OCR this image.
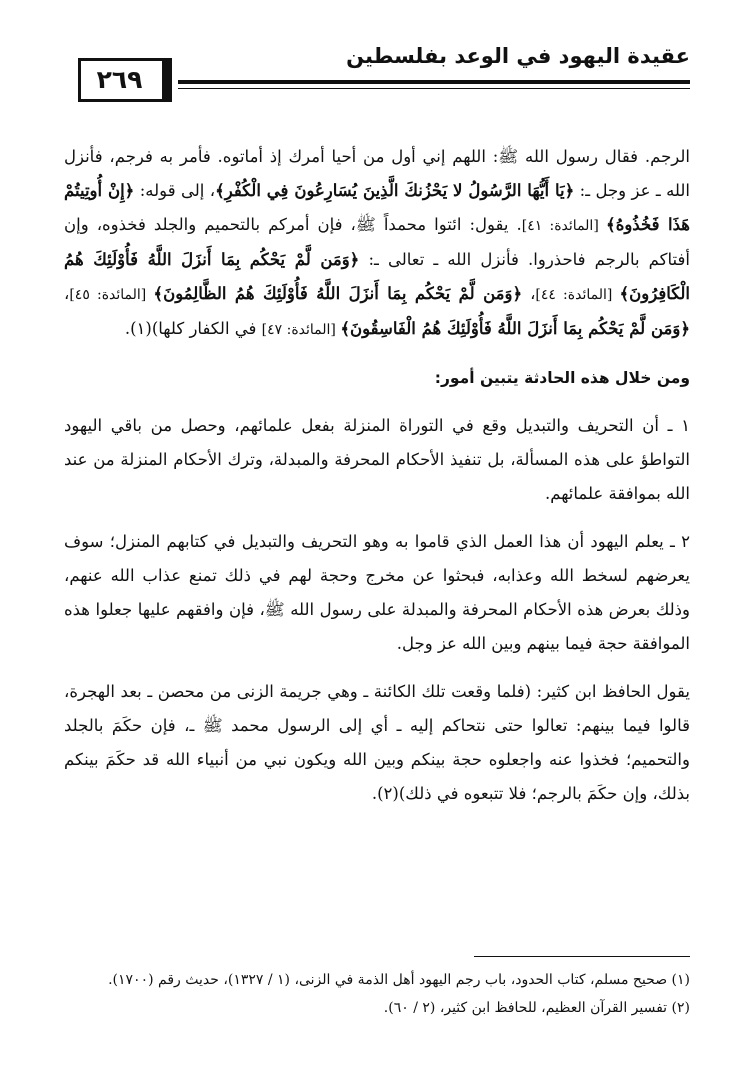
عقيدة اليهود في الوعد بفلسطين
٢٦٩

الرجم. فقال رسول الله ﷺ: اللهم إني أول من أحيا أمرك إذ أماتوه. فأمر به فرجم، فأنزل الله ـ عز وجل ـ: ﴿يَا أَيُّهَا الرَّسُولُ لا يَحْزُنكَ الَّذِينَ يُسَارِعُونَ فِي الْكُفْرِ﴾، إلى قوله: ﴿إِنْ أُوتِيتُمْ هَذَا فَخُذُوهُ﴾ [المائدة: ٤١]. يقول: ائتوا محمداً ﷺ، فإن أمركم بالتحميم والجلد فخذوه، وإن أفتاكم بالرجم فاحذروا. فأنزل الله ـ تعالى ـ: ﴿وَمَن لَّمْ يَحْكُم بِمَا أَنزَلَ اللَّهُ فَأُوْلَئِكَ هُمُ الْكَافِرُونَ﴾ [المائدة: ٤٤]، ﴿وَمَن لَّمْ يَحْكُم بِمَا أَنزَلَ اللَّهُ فَأُوْلَئِكَ هُمُ الظَّالِمُونَ﴾ [المائدة: ٤٥]، ﴿وَمَن لَّمْ يَحْكُم بِمَا أَنزَلَ اللَّهُ فَأُوْلَئِكَ هُمُ الْفَاسِقُونَ﴾ [المائدة: ٤٧] في الكفار كلها)(١).

ومن خلال هذه الحادثة يتبين أمور:

١ ـ أن التحريف والتبديل وقع في التوراة المنزلة بفعل علمائهم، وحصل من باقي اليهود التواطؤ على هذه المسألة، بل تنفيذ الأحكام المحرفة والمبدلة، وترك الأحكام المنزلة من عند الله بموافقة علمائهم.

٢ ـ يعلم اليهود أن هذا العمل الذي قاموا به وهو التحريف والتبديل في كتابهم المنزل؛ سوف يعرضهم لسخط الله وعذابه، فبحثوا عن مخرج وحجة لهم في ذلك تمنع عذاب الله عنهم، وذلك بعرض هذه الأحكام المحرفة والمبدلة على رسول الله ﷺ، فإن وافقهم عليها جعلوا هذه الموافقة حجة فيما بينهم وبين الله عز وجل.

يقول الحافظ ابن كثير: (فلما وقعت تلك الكائنة ـ وهي جريمة الزنى من محصن ـ بعد الهجرة، قالوا فيما بينهم: تعالوا حتى نتحاكم إليه ـ أي إلى الرسول محمد ﷺ ـ، فإن حكَمَ بالجلد والتحميم؛ فخذوا عنه واجعلوه حجة بينكم وبين الله ويكون نبي من أنبياء الله قد حكَمَ بينكم بذلك، وإن حكَمَ بالرجم؛ فلا تتبعوه في ذلك)(٢).

(١) صحيح مسلم، كتاب الحدود، باب رجم اليهود أهل الذمة في الزنى، (١ / ١٣٢٧)، حديث رقم (١٧٠٠).

(٢) تفسير القرآن العظيم، للحافظ ابن كثير، (٢ / ٦٠).
